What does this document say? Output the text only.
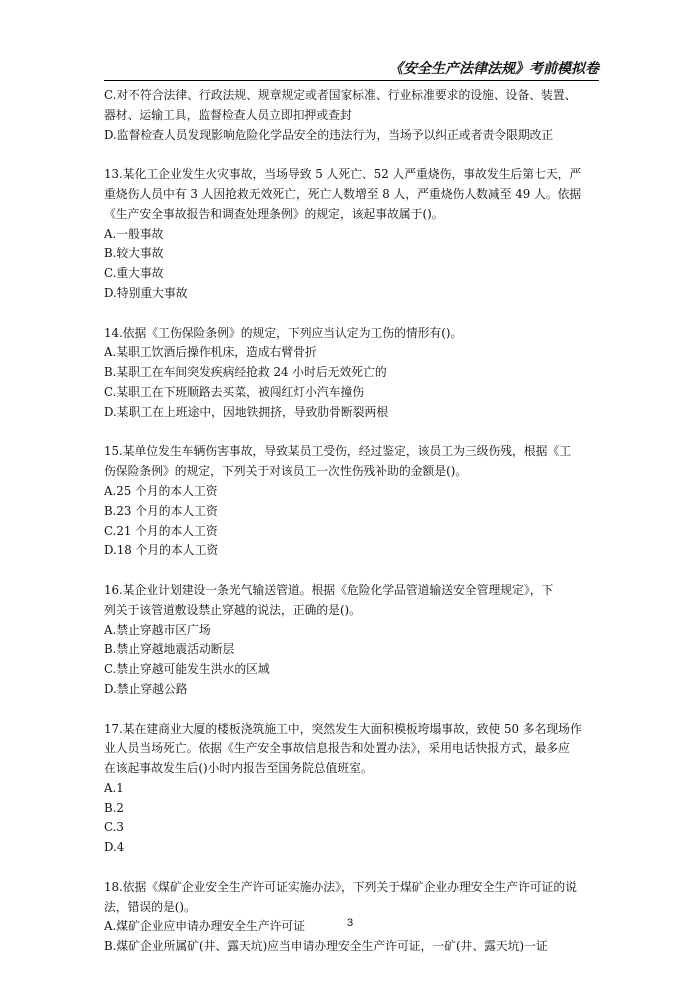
《安全生产法律法规》考前模拟卷
C.对不符合法律、行政法规、规章规定或者国家标准、行业标准要求的设施、设备、装置、
器材、运输工具，监督检查人员立即扣押或查封
D.监督检查人员发现影响危险化学品安全的违法行为，当场予以纠正或者责令限期改正
13.某化工企业发生火灾事故，当场导致 5 人死亡、52 人严重烧伤，事故发生后第七天，严
重烧伤人员中有 3 人因抢救无效死亡，死亡人数增至 8 人，严重烧伤人数减至 49 人。依据
《生产安全事故报告和调查处理条例》的规定，该起事故属于()。
A.一般事故
B.较大事故
C.重大事故
D.特别重大事故
14.依据《工伤保险条例》的规定，下列应当认定为工伤的情形有()。
A.某职工饮酒后操作机床，造成右臂骨折
B.某职工在车间突发疾病经抢救 24 小时后无效死亡的
C.某职工在下班顺路去买菜，被闯红灯小汽车撞伤
D.某职工在上班途中，因地铁拥挤，导致肋骨断裂两根
15.某单位发生车辆伤害事故，导致某员工受伤，经过鉴定，该员工为三级伤残，根据《工
伤保险条例》的规定，下列关于对该员工一次性伤残补助的金额是()。
A.25 个月的本人工资
B.23 个月的本人工资
C.21 个月的本人工资
D.18 个月的本人工资
16.某企业计划建设一条光气输送管道。根据《危险化学品管道输送安全管理规定》，下
列关于该管道敷设禁止穿越的说法，正确的是()。
A.禁止穿越市区广场
B.禁止穿越地震活动断层
C.禁止穿越可能发生洪水的区域
D.禁止穿越公路
17.某在建商业大厦的楼板浇筑施工中，突然发生大面积模板垮塌事故，致使 50 多名现场作
业人员当场死亡。依据《生产安全事故信息报告和处置办法》，采用电话快报方式，最多应
在该起事故发生后()小时内报告至国务院总值班室。
A.1
B.2
C.3
D.4
18.依据《煤矿企业安全生产许可证实施办法》，下列关于煤矿企业办理安全生产许可证的说
法，错误的是()。
A.煤矿企业应申请办理安全生产许可证
B.煤矿企业所属矿(井、露天坑)应当申请办理安全生产许可证，一矿(井、露天坑)一证
3
